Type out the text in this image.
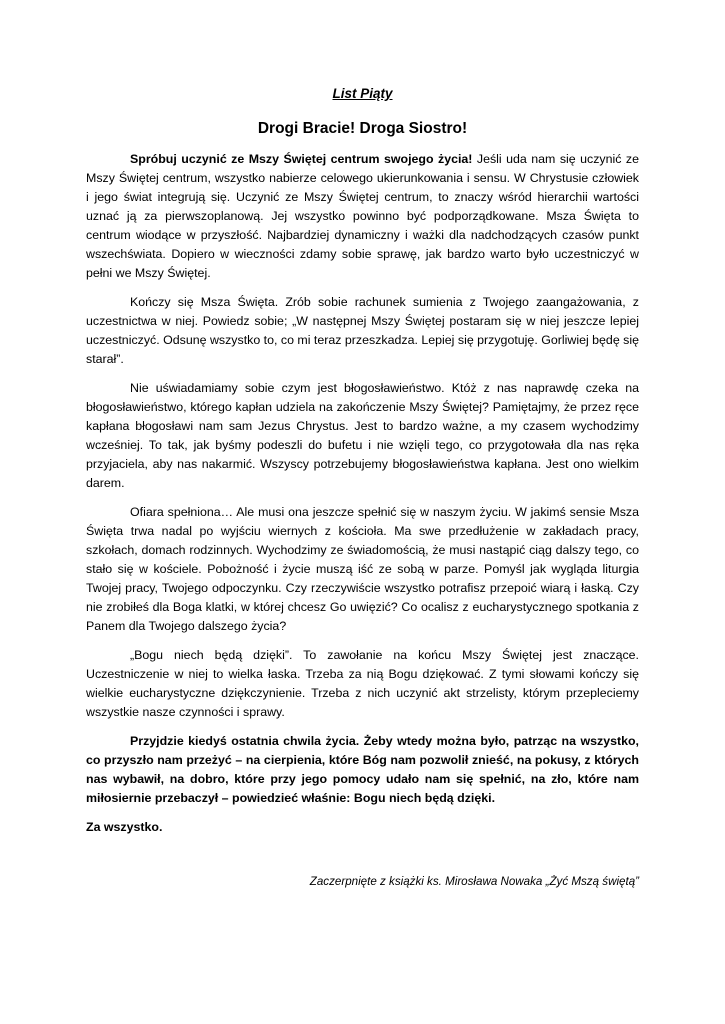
List Piąty
Drogi Bracie! Droga Siostro!

Spróbuj uczynić ze Mszy Świętej centrum swojego życia! Jeśli uda nam się uczynić ze Mszy Świętej centrum, wszystko nabierze celowego ukierunkowania i sensu. W Chrystusie człowiek i jego świat integrują się. Uczynić ze Mszy Świętej centrum, to znaczy wśród hierarchii wartości uznać ją za pierwszoplanową. Jej wszystko powinno być podporządkowane. Msza Święta to centrum wiodące w przyszłość. Najbardziej dynamiczny i ważki dla nadchodzących czasów punkt wszechświata. Dopiero w wieczności zdamy sobie sprawę, jak bardzo warto było uczestniczyć w pełni we Mszy Świętej.

Kończy się Msza Święta. Zrób sobie rachunek sumienia z Twojego zaangażowania, z uczestnictwa w niej. Powiedz sobie; „W następnej Mszy Świętej postaram się w niej jeszcze lepiej uczestniczyć. Odsunę wszystko to, co mi teraz przeszkadza. Lepiej się przygotuję. Gorliwiej będę się starał”.

Nie uświadamiamy sobie czym jest błogosławieństwo. Któż z nas naprawdę czeka na błogosławieństwo, którego kapłan udziela na zakończenie Mszy Świętej? Pamiętajmy, że przez ręce kapłana błogosławi nam sam Jezus Chrystus. Jest to bardzo ważne, a my czasem wychodzimy wcześniej. To tak, jak byśmy podeszli do bufetu i nie wzięli tego, co przygotowała dla nas ręka przyjaciela, aby nas nakarmić. Wszyscy potrzebujemy błogosławieństwa kapłana. Jest ono wielkim darem.

Ofiara spełniona… Ale musi ona jeszcze spełnić się w naszym życiu. W jakimś sensie Msza Święta trwa nadal po wyjściu wiernych z kościoła. Ma swe przedłużenie w zakładach pracy, szkołach, domach rodzinnych. Wychodzimy ze świadomością, że musi nastąpić ciąg dalszy tego, co stało się w kościele. Pobożność i życie muszą iść ze sobą w parze. Pomyśl jak wygląda liturgia Twojej pracy, Twojego odpoczynku. Czy rzeczywiście wszystko potrafisz przepoić wiarą i łaską. Czy nie zrobiłeś dla Boga klatki, w której chcesz Go uwięzić? Co ocalisz z eucharystycznego spotkania z Panem dla Twojego dalszego życia?

„Bogu niech będą dzięki”. To zawołanie na końcu Mszy Świętej jest znaczące. Uczestniczenie w niej to wielka łaska. Trzeba za nią Bogu dziękować. Z tymi słowami kończy się wielkie eucharystyczne dziękczynienie. Trzeba z nich uczynić akt strzelisty, którym przepleciemy wszystkie nasze czynności i sprawy.

Przyjdzie kiedyś ostatnia chwila życia. Żeby wtedy można było, patrząc na wszystko, co przyszło nam przeżyć – na cierpienia, które Bóg nam pozwolił znieść, na pokusy, z których nas wybawił, na dobro, które przy jego pomocy udało nam się spełnić, na zło, które nam miłosiernie przebaczył – powiedzieć właśnie: Bogu niech będą dzięki.

Za wszystko.
Zaczerpnięte z książki ks. Mirosława Nowaka „Żyć Mszą świętą”
